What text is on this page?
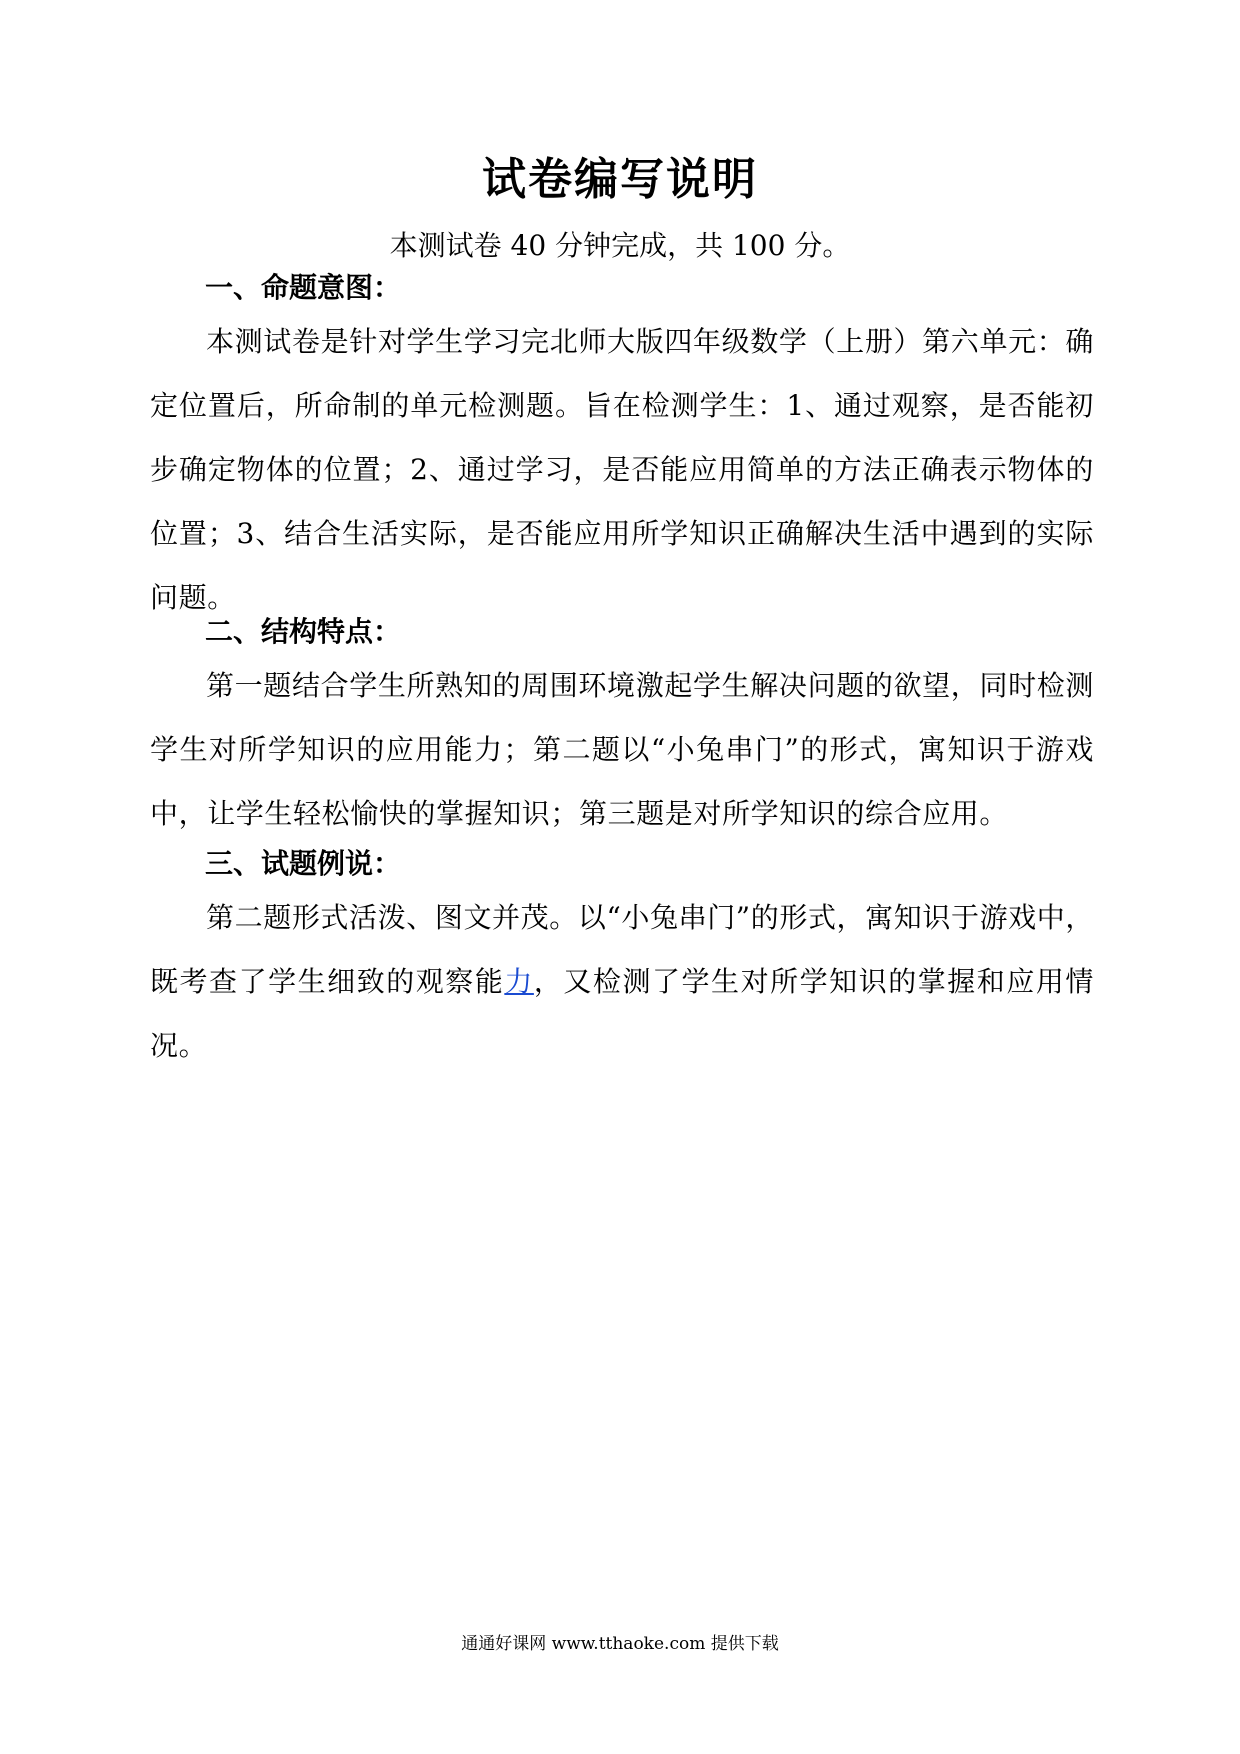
试卷编写说明
本测试卷 40 分钟完成，共 100 分。
一、命题意图：
本测试卷是针对学生学习完北师大版四年级数学（上册）第六单元：确定位置后，所命制的单元检测题。旨在检测学生：1、通过观察，是否能初步确定物体的位置；2、通过学习，是否能应用简单的方法正确表示物体的位置；3、结合生活实际，是否能应用所学知识正确解决生活中遇到的实际问题。
二、结构特点：
第一题结合学生所熟知的周围环境激起学生解决问题的欲望，同时检测学生对所学知识的应用能力；第二题以“小兔串门”的形式，寓知识于游戏中，让学生轻松愉快的掌握知识；第三题是对所学知识的综合应用。
三、试题例说：
第二题形式活泼、图文并茂。以“小兔串门”的形式，寓知识于游戏中，既考查了学生细致的观察能力，又检测了学生对所学知识的掌握和应用情况。
通通好课网 www.tthaoke.com 提供下载
